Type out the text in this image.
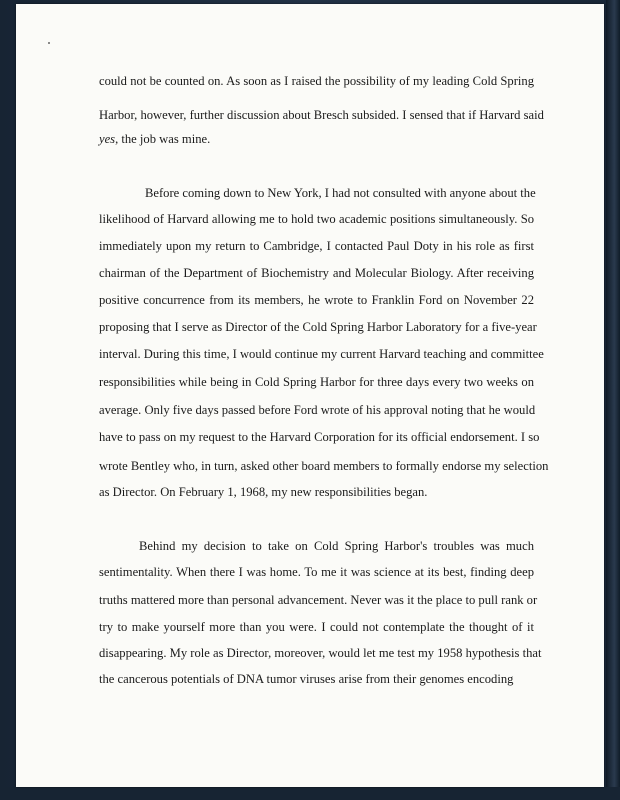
could not be counted on. As soon as I raised the possibility of my leading Cold Spring
Harbor, however, further discussion about Bresch subsided. I sensed that if Harvard said
yes, the job was mine.
Before coming down to New York, I had not consulted with anyone about the
likelihood of Harvard allowing me to hold two academic positions simultaneously. So
immediately upon my return to Cambridge, I contacted Paul Doty in his role as first
chairman of the Department of Biochemistry and Molecular Biology. After receiving
positive concurrence from its members, he wrote to Franklin Ford on November 22
proposing that I serve as Director of the Cold Spring Harbor Laboratory for a five-year
interval. During this time, I would continue my current Harvard teaching and committee
responsibilities while being in Cold Spring Harbor for three days every two weeks on
average. Only five days passed before Ford wrote of his approval noting that he would
have to pass on my request to the Harvard Corporation for its official endorsement. I so
wrote Bentley who, in turn, asked other board members to formally endorse my selection
as Director. On February 1, 1968, my new responsibilities began.
Behind my decision to take on Cold Spring Harbor's troubles was much
sentimentality. When there I was home. To me it was science at its best, finding deep
truths mattered more than personal advancement. Never was it the place to pull rank or
try to make yourself more than you were. I could not contemplate the thought of it
disappearing. My role as Director, moreover, would let me test my 1958 hypothesis that
the cancerous potentials of DNA tumor viruses arise from their genomes encoding
